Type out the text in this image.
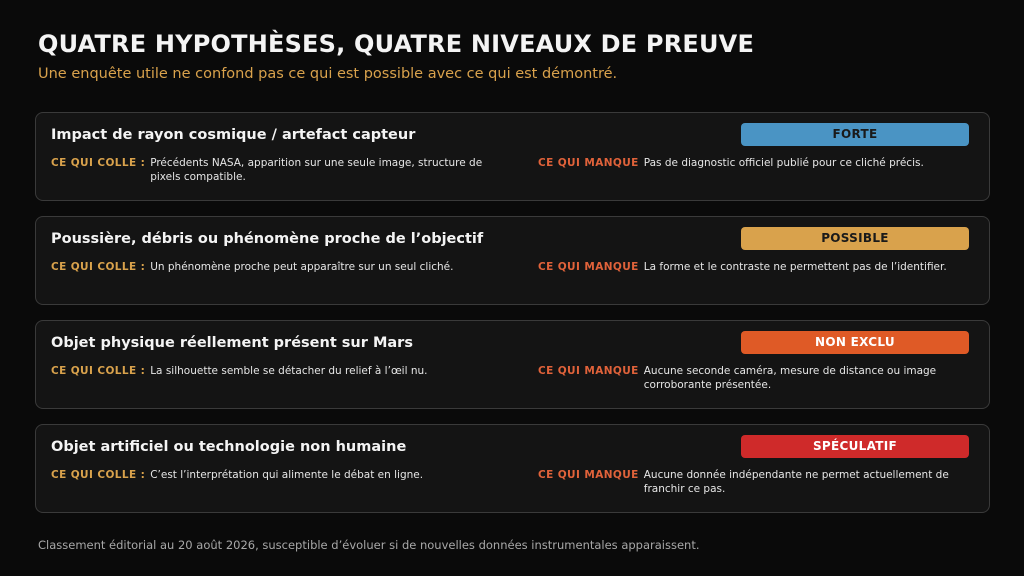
QUATRE HYPOTHÈSES, QUATRE NIVEAUX DE PREUVE
Une enquête utile ne confond pas ce qui est possible avec ce qui est démontré.
Impact de rayon cosmique / artefact capteur	FORTE
CE QUI COLLE : Précédents NASA, apparition sur une seule image, structure de pixels compatible.
CE QUI MANQUE Pas de diagnostic officiel publié pour ce cliché précis.
Poussière, débris ou phénomène proche de l’objectif	POSSIBLE
CE QUI COLLE : Un phénomène proche peut apparaître sur un seul cliché.	CE QUI MANQUE La forme et le contraste ne permettent pas de l’identifier.
Objet physique réellement présent sur Mars	NON EXCLU
CE QUI COLLE : La silhouette semble se détacher du relief à l’œil nu.	CE QUI MANQUE Aucune seconde caméra, mesure de distance ou image corroborante présentée.
Objet artificiel ou technologie non humaine	SPÉCULATIF
CE QUI COLLE : C’est l’interprétation qui alimente le débat en ligne.	CE QUI MANQUE Aucune donnée indépendante ne permet actuellement de franchir ce pas.
Classement éditorial au 20 août 2026, susceptible d’évoluer si de nouvelles données instrumentales apparaissent.
